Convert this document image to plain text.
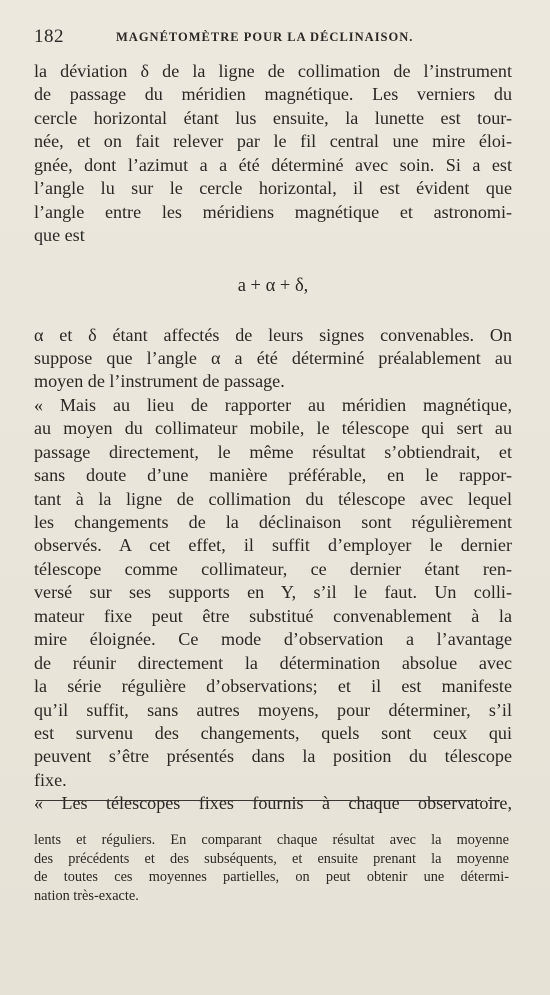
182	MAGNÉTOMÈTRE POUR LA DÉCLINAISON.
la déviation δ de la ligne de collimation de l’instrument
de passage du méridien magnétique. Les verniers du
cercle horizontal étant lus ensuite, la lunette est tour-
née, et on fait relever par le fil central une mire éloi-
gnée, dont l’azimut a a été déterminé avec soin. Si a est
l’angle lu sur le cercle horizontal, il est évident que
l’angle entre les méridiens magnétique et astronomi-
que est
a + α + δ,
α et δ étant affectés de leurs signes convenables. On
suppose que l’angle α a été déterminé préalablement au
moyen de l’instrument de passage.
« Mais au lieu de rapporter au méridien magnétique,
au moyen du collimateur mobile, le télescope qui sert au
passage directement, le même résultat s’obtiendrait, et
sans doute d’une manière préférable, en le rappor-
tant à la ligne de collimation du télescope avec lequel
les changements de la déclinaison sont régulièrement
observés. A cet effet, il suffit d’employer le dernier
télescope comme collimateur, ce dernier étant ren-
versé sur ses supports en Y, s’il le faut. Un colli-
mateur fixe peut être substitué convenablement à la
mire éloignée. Ce mode d’observation a l’avantage
de réunir directement la détermination absolue avec
la série régulière d’observations; et il est manifeste
qu’il suffit, sans autres moyens, pour déterminer, s’il
est survenu des changements, quels sont ceux qui
peuvent s’être présentés dans la position du télescope
fixe.
« Les télescopes fixes fournis à chaque observatoire,
lents et réguliers. En comparant chaque résultat avec la moyenne
des précédents et des subséquents, et ensuite prenant la moyenne
de toutes ces moyennes partielles, on peut obtenir une détermi-
nation très-exacte.
